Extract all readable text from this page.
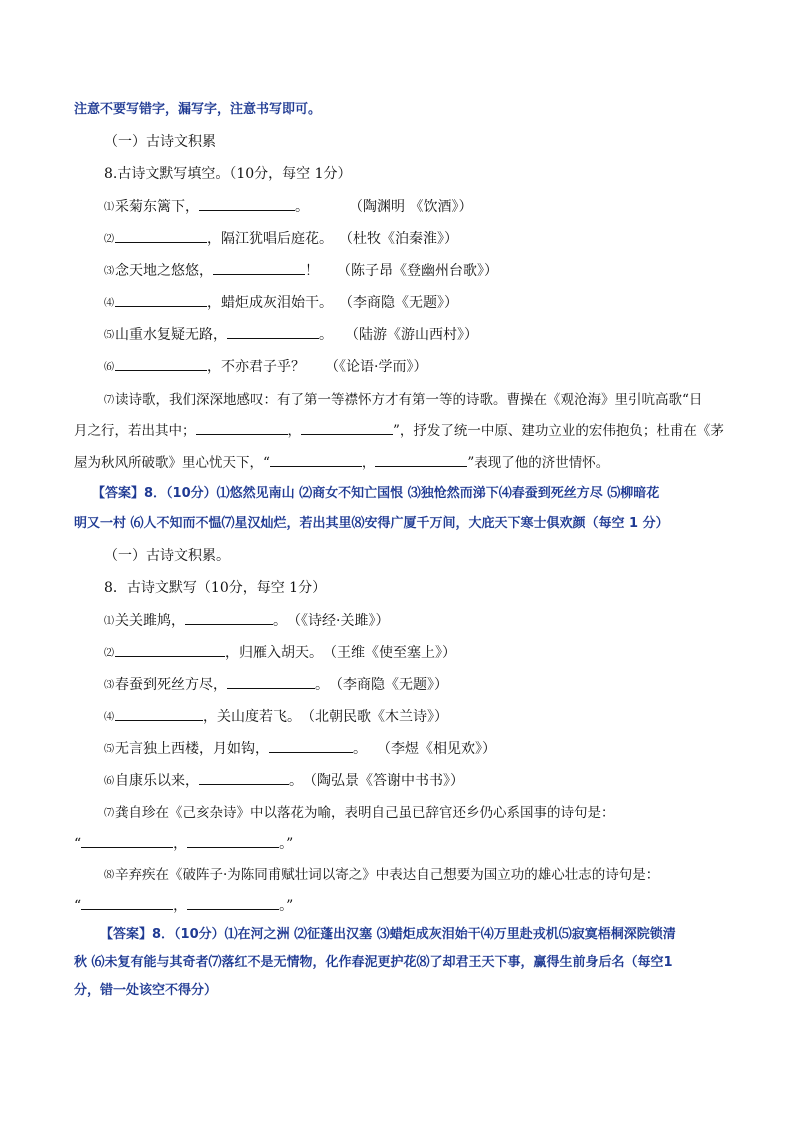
注意不要写错字，漏写字，注意书写即可。
（一）古诗文积累
8.古诗文默写填空。（10分，每空 1分）
⑴采菊东篱下，	。	（陶渊明 《饮酒》）
⑵	，隔江犹唱后庭花。 （杜牧《泊秦淮》）
⑶念天地之悠悠，	！ （陈子昂《登幽州台歌》）
⑷	，蜡炬成灰泪始干。 （李商隐《无题》）
⑸山重水复疑无路，	。 （陆游《游山西村》）
⑹	，不亦君子乎？ （《论语·学而》）
⑺读诗歌，我们深深地感叹：有了第一等襟怀方才有第一等的诗歌。曹操在《观沧海》里引吭高歌“日
月之行，若出其中；	，	”，抒发了统一中原、建功立业的宏伟抱负；杜甫在《茅
屋为秋风所破歌》里心忧天下，“	，	”表现了他的济世情怀。
【答案】8．（10分）⑴悠然见南山 ⑵商女不知亡国恨 ⑶独怆然而涕下⑷春蚕到死丝方尽 ⑸柳暗花
明又一村 ⑹人不知而不愠⑺星汉灿烂，若出其里⑻安得广厦千万间，大庇天下寒士俱欢颜（每空 1 分）
（一）古诗文积累。
8．古诗文默写（10分，每空 1分）
⑴关关雎鸠，	。（《诗经·关雎》）
⑵	，归雁入胡天。（王维《使至塞上》）
⑶春蚕到死丝方尽，	。（李商隐《无题》）
⑷	，关山度若飞。（北朝民歌《木兰诗》）
⑸无言独上西楼，月如钩，	。 （李煜《相见欢》）
⑹自康乐以来，	。（陶弘景《答谢中书书》）
⑺龚自珍在《己亥杂诗》中以落花为喻，表明自己虽已辞官还乡仍心系国事的诗句是：
“	，	。”
⑻辛弃疾在《破阵子·为陈同甫赋壮词以寄之》中表达自己想要为国立功的雄心壮志的诗句是：
“	，	。”
【答案】8．（10分）⑴在河之洲 ⑵征蓬出汉塞 ⑶蜡炬成灰泪始干⑷万里赴戎机⑸寂寞梧桐深院锁清
秋 ⑹未复有能与其奇者⑺落红不是无情物，化作春泥更护花⑻了却君王天下事，赢得生前身后名（每空1
分，错一处该空不得分）
